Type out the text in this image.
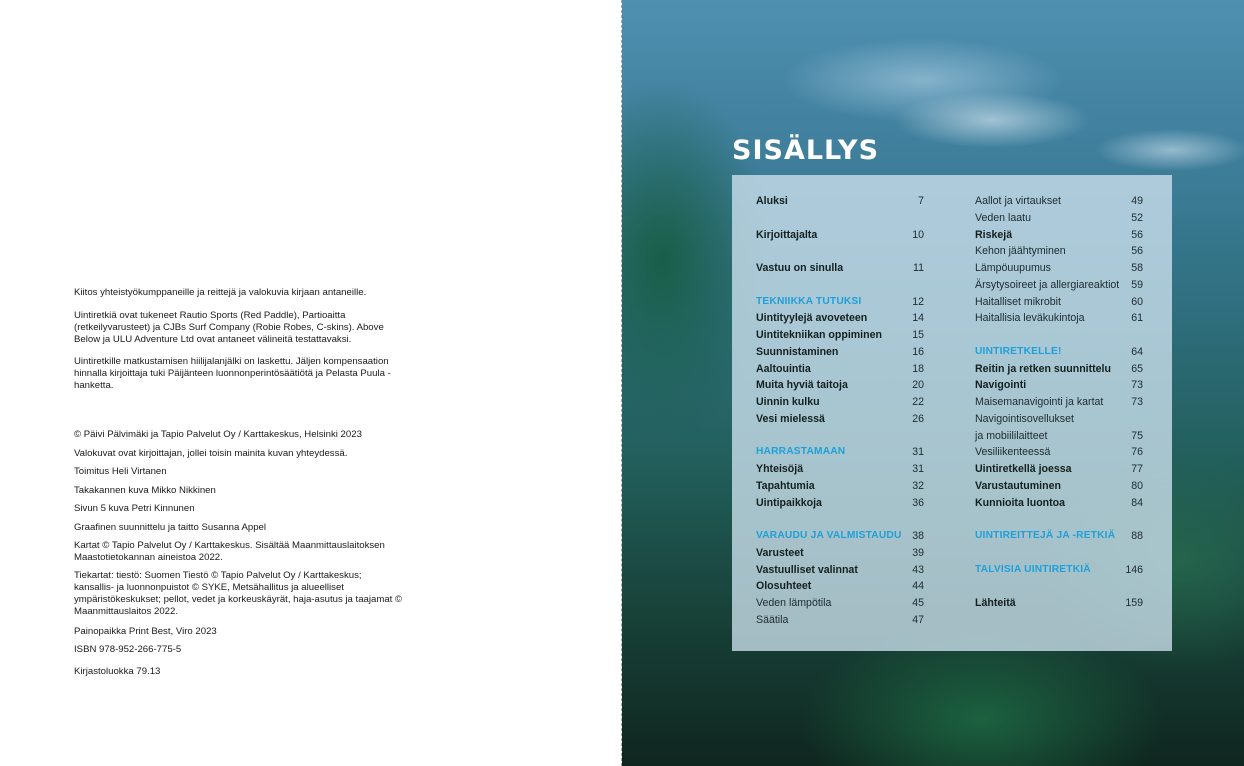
Kiitos yhteistyökumppaneille ja reittejä ja valokuvia kirjaan antaneille.
Uintiretkiä ovat tukeneet Rautio Sports (Red Paddle), Partioaitta (retkeilyvarusteet) ja CJBs Surf Company (Robie Robes, C-skins). Above Below ja ULU Adventure Ltd ovat antaneet välineitä testattavaksi.
Uintiretkille matkustamisen hiilijalanjälki on laskettu. Jäljen kompensaation hinnalla kirjoittaja tuki Päijänteen luonnonperintösäätiötä ja Pelasta Puula -hanketta.
© Päivi Pälvimäki ja Tapio Palvelut Oy / Karttakeskus, Helsinki 2023
Valokuvat ovat kirjoittajan, jollei toisin mainita kuvan yhteydessä.
Toimitus Heli Virtanen
Takakannen kuva Mikko Nikkinen
Sivun 5 kuva Petri Kinnunen
Graafinen suunnittelu ja taitto Susanna Appel
Kartat © Tapio Palvelut Oy / Karttakeskus. Sisältää Maanmittauslaitoksen Maastotietokannan aineistoa 2022.
Tiekartat: tiestö: Suomen Tiestö © Tapio Palvelut Oy / Karttakeskus; kansallis- ja luonnonpuistot © SYKE, Metsähallitus ja alueelliset ympäristökeskukset; pellot, vedet ja korkeuskäyrät, haja-asutus ja taajamat © Maanmittauslaitos 2022.
Painopaikka Print Best, Viro 2023
ISBN 978-952-266-775-5
Kirjastoluokka 79.13
SISÄLLYS
Aluksi	7
Kirjoittajalta	10
Vastuu on sinulla	11
TEKNIIKKA TUTUKSI	12
Uintityylejä avoveteen	14
Uintitekniikan oppiminen	15
Suunnistaminen	16
Aaltouintia	18
Muita hyviä taitoja	20
Uinnin kulku	22
Vesi mielessä	26
HARRASTAMAAN	31
Yhteisöjä	31
Tapahtumia	32
Uintipaikkoja	36
VARAUDU JA VALMISTAUDU	38
Varusteet	39
Vastuulliset valinnat	43
Olosuhteet	44
Veden lämpötila	45
Säätila	47
Aallot ja virtaukset	49
Veden laatu	52
Riskejä	56
Kehon jäähtyminen	56
Lämpöuupumus	58
Ärsytysoireet ja allergiareaktiot	59
Haitalliset mikrobit	60
Haitallisia leväkukintoja	61
UINTIRETKELLE!	64
Reitin ja retken suunnittelu	65
Navigointi	73
Maisemanavigointi ja kartat	73
Navigointisovellukset
ja mobiililaitteet	75
Vesiliikenteessä	76
Uintiretkellä joessa	77
Varustautuminen	80
Kunnioita luontoa	84
UINTIREITTEJÄ JA -RETKIÄ	88
TALVISIA UINTIRETKIÄ	146
Lähteitä	159
